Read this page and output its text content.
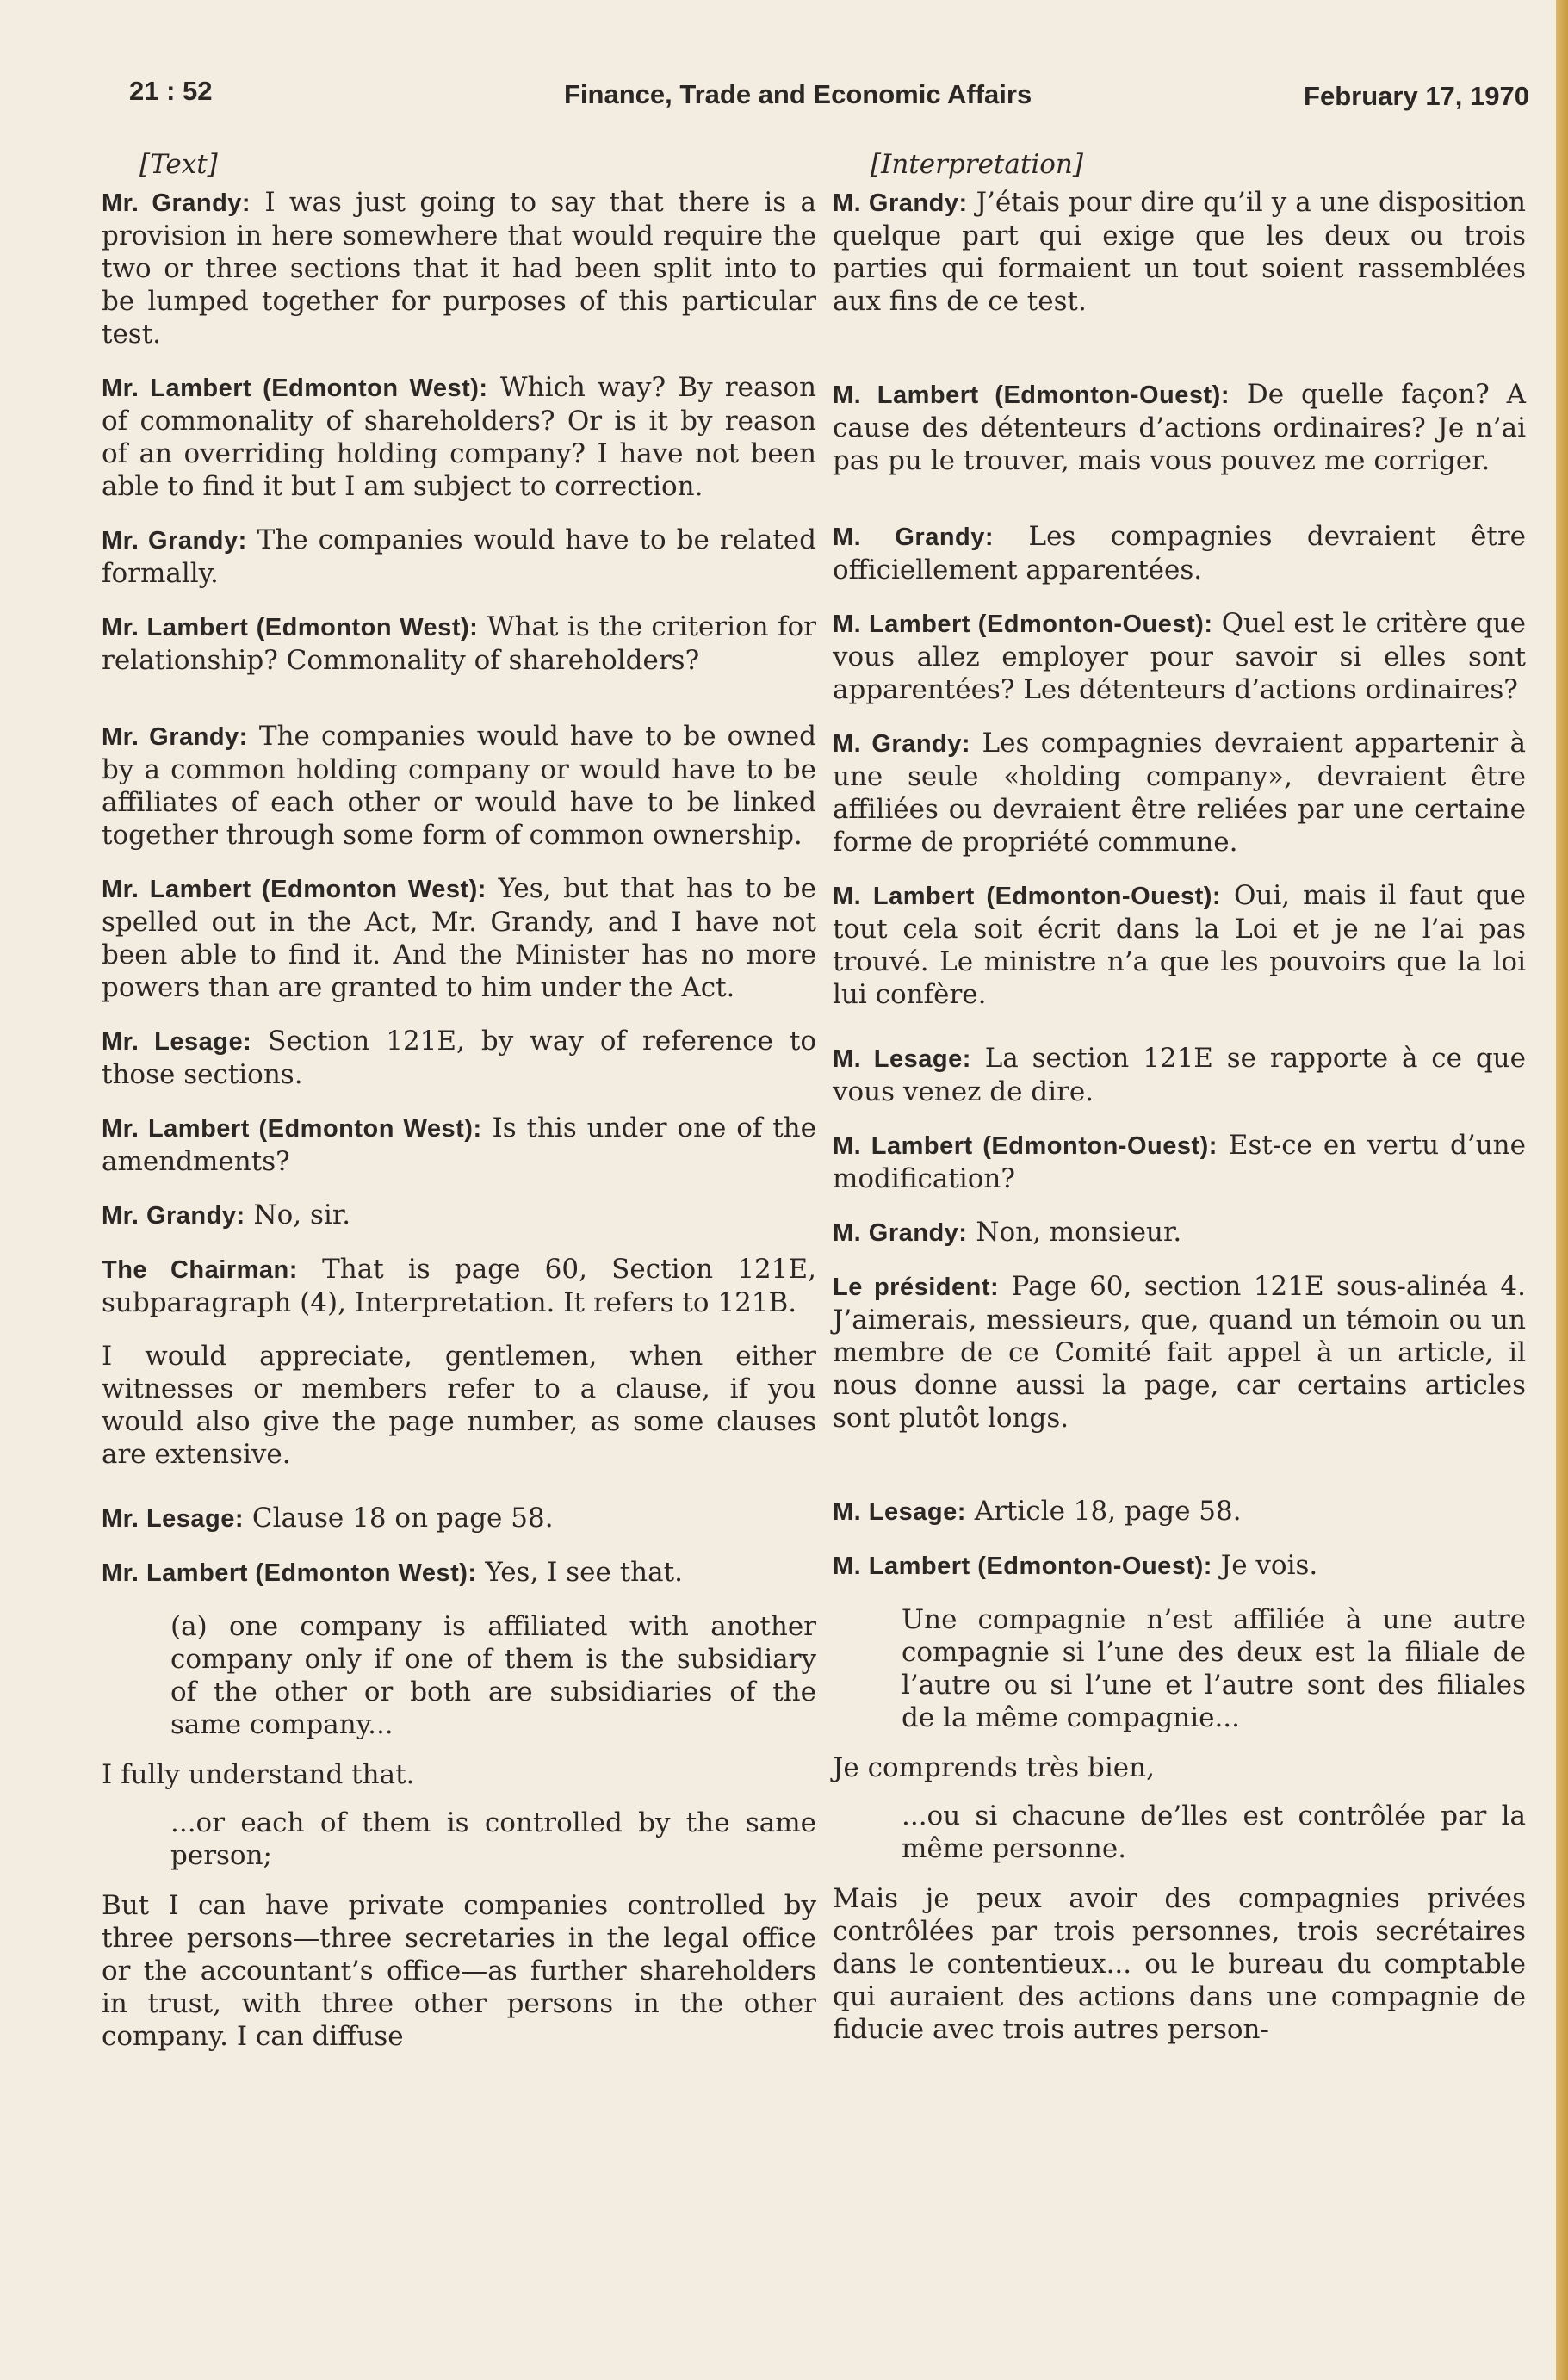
21 : 52	Finance, Trade and Economic Affairs	February 17, 1970
[Text]

Mr. Grandy: I was just going to say that there is a provision in here somewhere that would require the two or three sections that it had been split into to be lumped together for purposes of this particular test.

Mr. Lambert (Edmonton West): Which way? By reason of commonality of shareholders? Or is it by reason of an overriding holding company? I have not been able to find it but I am subject to correction.

Mr. Grandy: The companies would have to be related formally.

Mr. Lambert (Edmonton West): What is the criterion for relationship? Commonality of shareholders?

Mr. Grandy: The companies would have to be owned by a common holding company or would have to be affiliates of each other or would have to be linked together through some form of common ownership.

Mr. Lambert (Edmonton West): Yes, but that has to be spelled out in the Act, Mr. Grandy, and I have not been able to find it. And the Minister has no more powers than are granted to him under the Act.

Mr. Lesage: Section 121E, by way of reference to those sections.

Mr. Lambert (Edmonton West): Is this under one of the amendments?

Mr. Grandy: No, sir.

The Chairman: That is page 60, Section 121E, subparagraph (4), Interpretation. It refers to 121B.

I would appreciate, gentlemen, when either witnesses or members refer to a clause, if you would also give the page number, as some clauses are extensive.

Mr. Lesage: Clause 18 on page 58.

Mr. Lambert (Edmonton West): Yes, I see that.

(a) one company is affiliated with another company only if one of them is the subsidiary of the other or both are subsidiaries of the same company...

I fully understand that.

...or each of them is controlled by the same person;

But I can have private companies controlled by three persons—three secretaries in the legal office or the accountant’s office—as further shareholders in trust, with three other persons in the other company. I can diffuse

[Interpretation]

M. Grandy: J’étais pour dire qu’il y a une disposition quelque part qui exige que les deux ou trois parties qui formaient un tout soient rassemblées aux fins de ce test.

M. Lambert (Edmonton-Ouest): De quelle façon? A cause des détenteurs d’actions ordinaires? Je n’ai pas pu le trouver, mais vous pouvez me corriger.

M. Grandy: Les compagnies devraient être officiellement apparentées.

M. Lambert (Edmonton-Ouest): Quel est le critère que vous allez employer pour savoir si elles sont apparentées? Les détenteurs d’actions ordinaires?

M. Grandy: Les compagnies devraient appartenir à une seule «holding company», devraient être affiliées ou devraient être reliées par une certaine forme de propriété commune.

M. Lambert (Edmonton-Ouest): Oui, mais il faut que tout cela soit écrit dans la Loi et je ne l’ai pas trouvé. Le ministre n’a que les pouvoirs que la loi lui confère.

M. Lesage: La section 121E se rapporte à ce que vous venez de dire.

M. Lambert (Edmonton-Ouest): Est-ce en vertu d’une modification?

M. Grandy: Non, monsieur.

Le président: Page 60, section 121E sous-alinéa 4. J’aimerais, messieurs, que, quand un témoin ou un membre de ce Comité fait appel à un article, il nous donne aussi la page, car certains articles sont plutôt longs.

M. Lesage: Article 18, page 58.

M. Lambert (Edmonton-Ouest): Je vois.

Une compagnie n’est affiliée à une autre compagnie si l’une des deux est la filiale de l’autre ou si l’une et l’autre sont des filiales de la même compagnie...

Je comprends très bien,

...ou si chacune de’lles est contrôlée par la même personne.

Mais je peux avoir des compagnies privées contrôlées par trois personnes, trois secrétaires dans le contentieux... ou le bureau du comptable qui auraient des actions dans une compagnie de fiducie avec trois autres person-
